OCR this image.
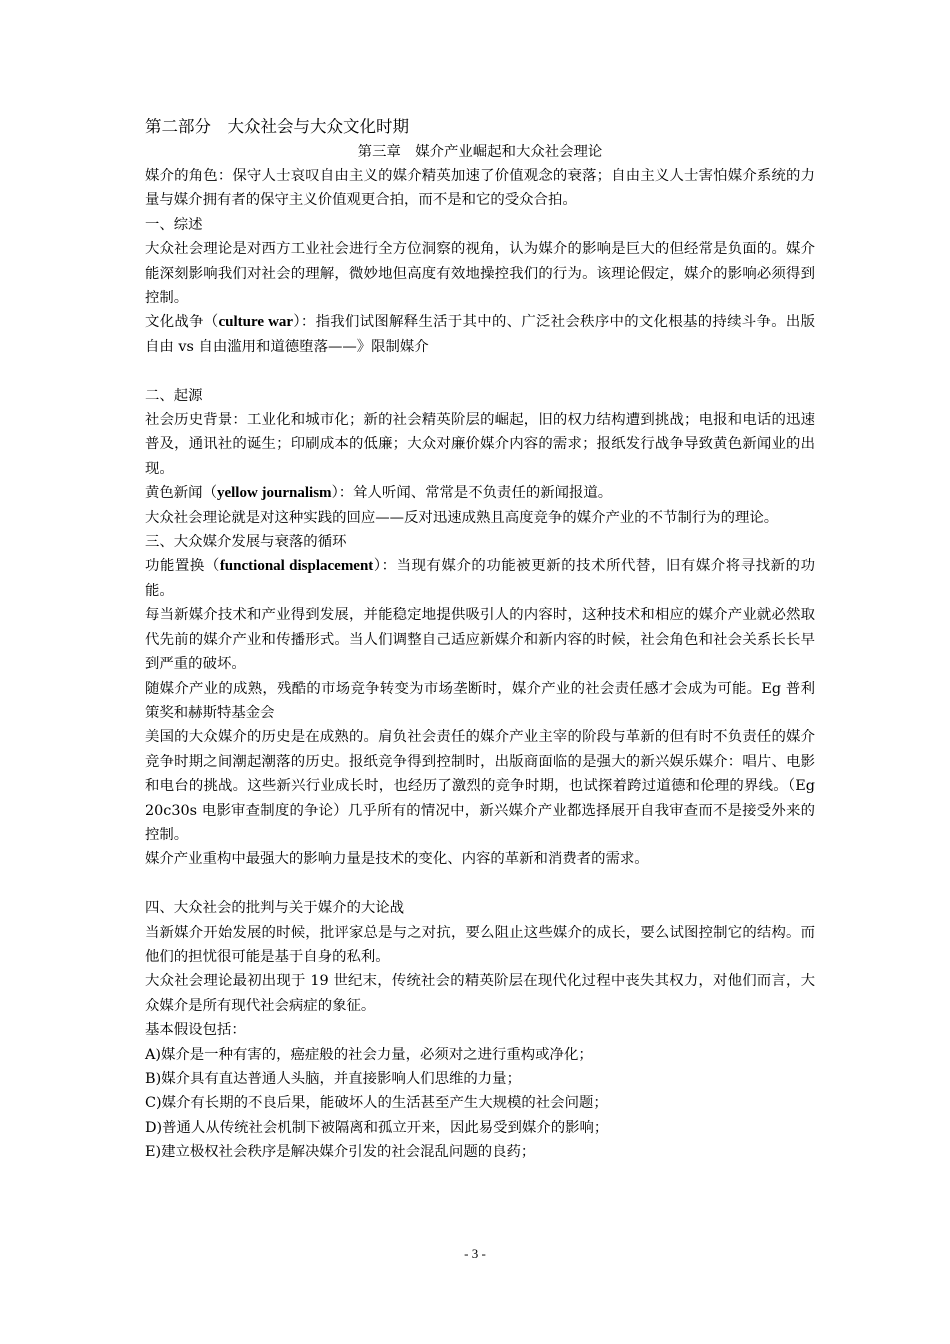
第二部分　大众社会与大众文化时期

第三章　媒介产业崛起和大众社会理论

媒介的角色：保守人士哀叹自由主义的媒介精英加速了价值观念的衰落；自由主义人士害怕媒介系统的力量与媒介拥有者的保守主义价值观更合拍，而不是和它的受众合拍。

一、综述

大众社会理论是对西方工业社会进行全方位洞察的视角，认为媒介的影响是巨大的但经常是负面的。媒介能深刻影响我们对社会的理解，微妙地但高度有效地操控我们的行为。该理论假定，媒介的影响必须得到控制。

文化战争（culture war）：指我们试图解释生活于其中的、广泛社会秩序中的文化根基的持续斗争。出版自由 vs 自由滥用和道德堕落——》限制媒介

二、起源

社会历史背景：工业化和城市化；新的社会精英阶层的崛起，旧的权力结构遭到挑战；电报和电话的迅速普及，通讯社的诞生；印刷成本的低廉；大众对廉价媒介内容的需求；报纸发行战争导致黄色新闻业的出现。

黄色新闻（yellow journalism）：耸人听闻、常常是不负责任的新闻报道。

大众社会理论就是对这种实践的回应——反对迅速成熟且高度竞争的媒介产业的不节制行为的理论。

三、大众媒介发展与衰落的循环

功能置换（functional displacement）：当现有媒介的功能被更新的技术所代替，旧有媒介将寻找新的功能。

每当新媒介技术和产业得到发展，并能稳定地提供吸引人的内容时，这种技术和相应的媒介产业就必然取代先前的媒介产业和传播形式。当人们调整自己适应新媒介和新内容的时候，社会角色和社会关系长长早到严重的破坏。

随媒介产业的成熟，残酷的市场竞争转变为市场垄断时，媒介产业的社会责任感才会成为可能。Eg 普利策奖和赫斯特基金会

美国的大众媒介的历史是在成熟的。肩负社会责任的媒介产业主宰的阶段与革新的但有时不负责任的媒介竞争时期之间潮起潮落的历史。报纸竞争得到控制时，出版商面临的是强大的新兴娱乐媒介：唱片、电影和电台的挑战。这些新兴行业成长时，也经历了激烈的竞争时期，也试探着跨过道德和伦理的界线。（Eg 20c30s 电影审查制度的争论）几乎所有的情况中，新兴媒介产业都选择展开自我审查而不是接受外来的控制。

媒介产业重构中最强大的影响力量是技术的变化、内容的革新和消费者的需求。

四、大众社会的批判与关于媒介的大论战

当新媒介开始发展的时候，批评家总是与之对抗，要么阻止这些媒介的成长，要么试图控制它的结构。而他们的担忧很可能是基于自身的私利。

大众社会理论最初出现于 19 世纪末，传统社会的精英阶层在现代化过程中丧失其权力，对他们而言，大众媒介是所有现代社会病症的象征。

基本假设包括：

A)媒介是一种有害的，癌症般的社会力量，必须对之进行重构或净化；

B)媒介具有直达普通人头脑，并直接影响人们思维的力量；

C)媒介有长期的不良后果，能破坏人的生活甚至产生大规模的社会问题；

D)普通人从传统社会机制下被隔离和孤立开来，因此易受到媒介的影响；

E)建立极权社会秩序是解决媒介引发的社会混乱问题的良药；

- 3 -
